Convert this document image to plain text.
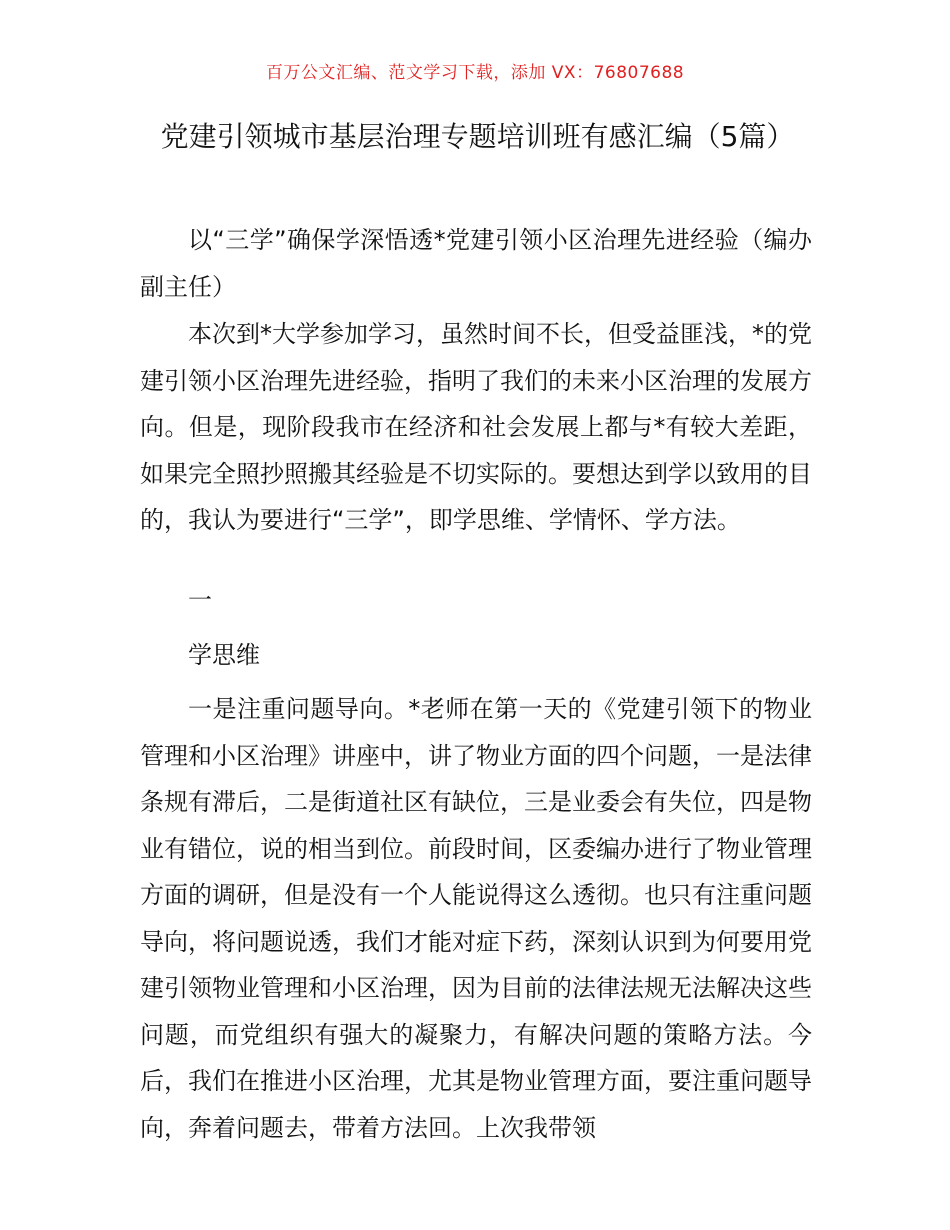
百万公文汇编、范文学习下载，添加 VX：76807688
党建引领城市基层治理专题培训班有感汇编（5篇）

以“三学”确保学深悟透*党建引领小区治理先进经验（编办副主任）

本次到*大学参加学习，虽然时间不长，但受益匪浅，*的党建引领小区治理先进经验，指明了我们的未来小区治理的发展方向。但是，现阶段我市在经济和社会发展上都与*有较大差距，如果完全照抄照搬其经验是不切实际的。要想达到学以致用的目的，我认为要进行“三学”，即学思维、学情怀、学方法。

一

学思维

一是注重问题导向。*老师在第一天的《党建引领下的物业管理和小区治理》讲座中，讲了物业方面的四个问题，一是法律条规有滞后，二是街道社区有缺位，三是业委会有失位，四是物业有错位，说的相当到位。前段时间，区委编办进行了物业管理方面的调研，但是没有一个人能说得这么透彻。也只有注重问题导向，将问题说透，我们才能对症下药，深刻认识到为何要用党建引领物业管理和小区治理，因为目前的法律法规无法解决这些问题，而党组织有强大的凝聚力，有解决问题的策略方法。今后，我们在推进小区治理，尤其是物业管理方面，要注重问题导向，奔着问题去，带着方法回。上次我带领
